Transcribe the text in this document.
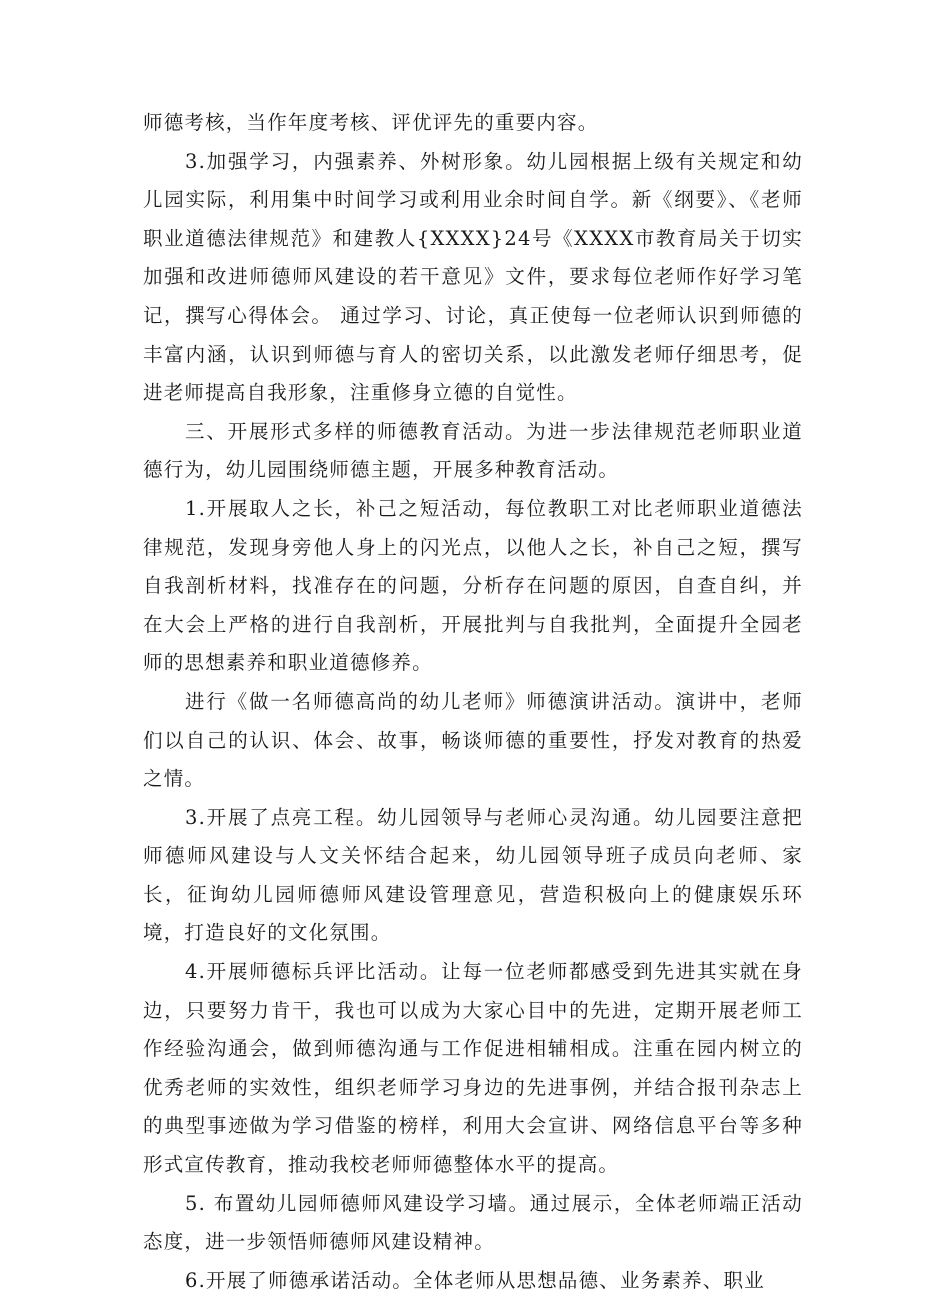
师德考核，当作年度考核、评优评先的重要内容。

3.加强学习，内强素养、外树形象。幼儿园根据上级有关规定和幼儿园实际，利用集中时间学习或利用业余时间自学。新《纲要》、《老师职业道德法律规范》和建教人{XXXX}24号《XXXX市教育局关于切实加强和改进师德师风建设的若干意见》文件，要求每位老师作好学习笔记，撰写心得体会。 通过学习、讨论，真正使每一位老师认识到师德的丰富内涵，认识到师德与育人的密切关系，以此激发老师仔细思考，促进老师提高自我形象，注重修身立德的自觉性。

三、开展形式多样的师德教育活动。为进一步法律规范老师职业道德行为，幼儿园围绕师德主题，开展多种教育活动。

1.开展取人之长，补己之短活动，每位教职工对比老师职业道德法律规范，发现身旁他人身上的闪光点，以他人之长，补自己之短，撰写自我剖析材料，找准存在的问题，分析存在问题的原因，自查自纠，并在大会上严格的进行自我剖析，开展批判与自我批判，全面提升全园老师的思想素养和职业道德修养。

进行《做一名师德高尚的幼儿老师》师德演讲活动。演讲中，老师们以自己的认识、体会、故事，畅谈师德的重要性，抒发对教育的热爱之情。

3.开展了点亮工程。幼儿园领导与老师心灵沟通。幼儿园要注意把师德师风建设与人文关怀结合起来，幼儿园领导班子成员向老师、家长，征询幼儿园师德师风建设管理意见，营造积极向上的健康娱乐环境，打造良好的文化氛围。

4.开展师德标兵评比活动。让每一位老师都感受到先进其实就在身边，只要努力肯干，我也可以成为大家心目中的先进，定期开展老师工作经验沟通会，做到师德沟通与工作促进相辅相成。注重在园内树立的优秀老师的实效性，组织老师学习身边的先进事例，并结合报刊杂志上的典型事迹做为学习借鉴的榜样，利用大会宣讲、网络信息平台等多种形式宣传教育，推动我校老师师德整体水平的提高。

5. 布置幼儿园师德师风建设学习墙。通过展示，全体老师端正活动态度，进一步领悟师德师风建设精神。

6.开展了师德承诺活动。全体老师从思想品德、业务素养、职业
